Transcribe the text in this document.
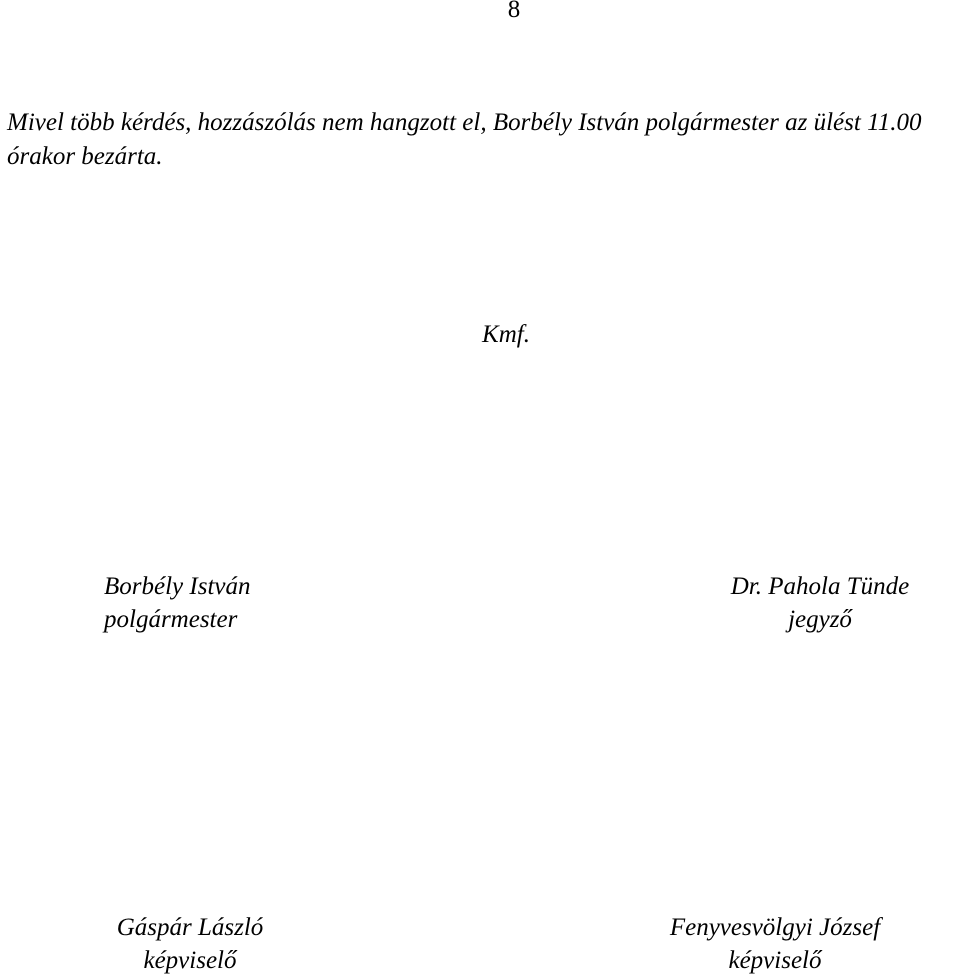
8

Mivel több kérdés, hozzászólás nem hangzott el, Borbély István polgármester az ülést 11.00 órakor bezárta.

Kmf.

Borbély István
polgármester
Dr. Pahola Tünde
jegyző
Gáspár László
képviselő
Fenyvesvölgyi József
képviselő
